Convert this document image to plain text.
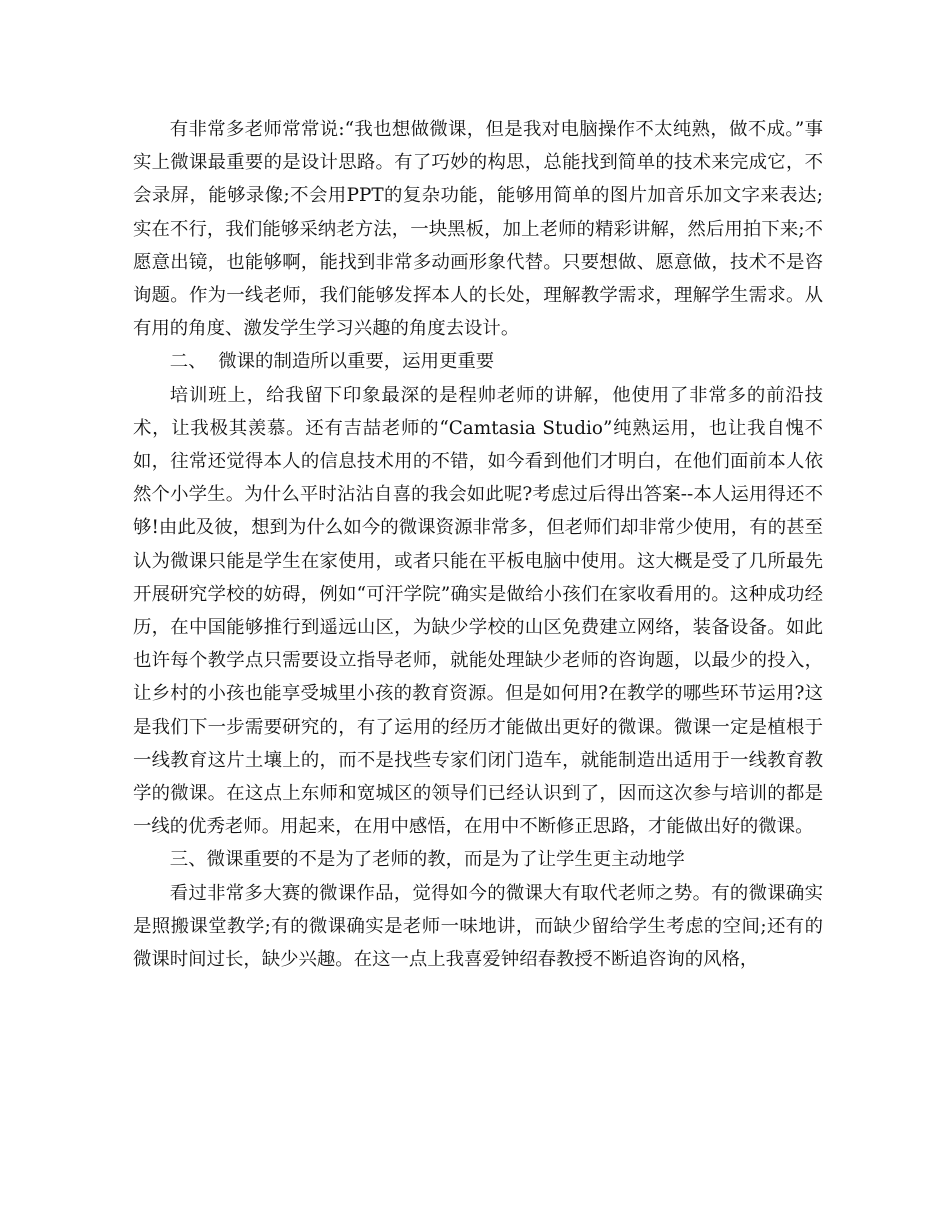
有非常多老师常常说:“我也想做微课，但是我对电脑操作不太纯熟，做不成。”事实上微课最重要的是设计思路。有了巧妙的构思，总能找到简单的技术来完成它，不会录屏，能够录像;不会用PPT的复杂功能，能够用简单的图片加音乐加文字来表达;实在不行，我们能够采纳老方法，一块黑板，加上老师的精彩讲解，然后用拍下来;不愿意出镜，也能够啊，能找到非常多动画形象代替。只要想做、愿意做，技术不是咨询题。作为一线老师，我们能够发挥本人的长处，理解教学需求，理解学生需求。从有用的角度、激发学生学习兴趣的角度去设计。

二、  微课的制造所以重要，运用更重要

培训班上，给我留下印象最深的是程帅老师的讲解，他使用了非常多的前沿技术，让我极其羡慕。还有吉喆老师的“Camtasia Studio”纯熟运用，也让我自愧不如，往常还觉得本人的信息技术用的不错，如今看到他们才明白，在他们面前本人依然个小学生。为什么平时沾沾自喜的我会如此呢?考虑过后得出答案--本人运用得还不够!由此及彼，想到为什么如今的微课资源非常多，但老师们却非常少使用，有的甚至认为微课只能是学生在家使用，或者只能在平板电脑中使用。这大概是受了几所最先开展研究学校的妨碍，例如“可汗学院”确实是做给小孩们在家收看用的。这种成功经历，在中国能够推行到遥远山区，为缺少学校的山区免费建立网络，装备设备。如此也许每个教学点只需要设立指导老师，就能处理缺少老师的咨询题，以最少的投入，让乡村的小孩也能享受城里小孩的教育资源。但是如何用?在教学的哪些环节运用?这是我们下一步需要研究的，有了运用的经历才能做出更好的微课。微课一定是植根于一线教育这片土壤上的，而不是找些专家们闭门造车，就能制造出适用于一线教育教学的微课。在这点上东师和宽城区的领导们已经认识到了，因而这次参与培训的都是一线的优秀老师。用起来，在用中感悟，在用中不断修正思路，才能做出好的微课。

三、微课重要的不是为了老师的教，而是为了让学生更主动地学

看过非常多大赛的微课作品，觉得如今的微课大有取代老师之势。有的微课确实是照搬课堂教学;有的微课确实是老师一味地讲，而缺少留给学生考虑的空间;还有的微课时间过长，缺少兴趣。在这一点上我喜爱钟绍春教授不断追咨询的风格，
